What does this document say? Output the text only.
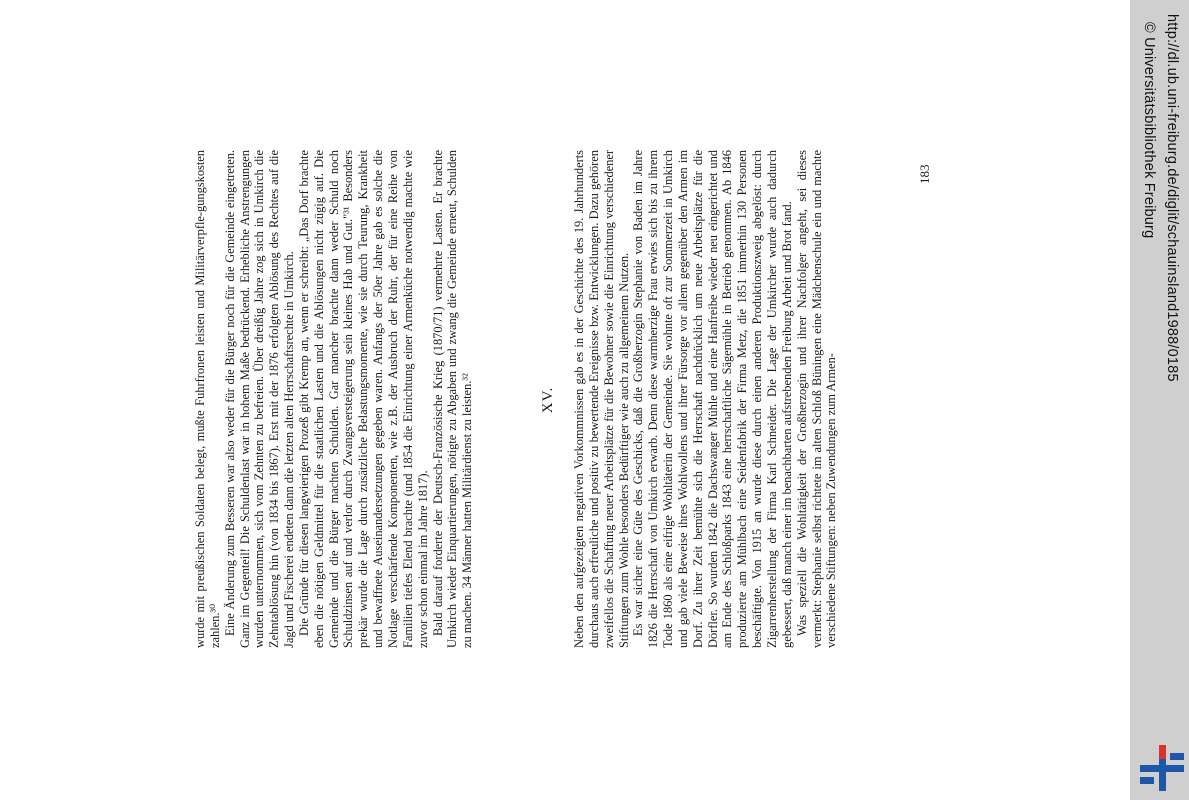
wurde mit preußischen Soldaten belegt, mußte Fuhrfronen leisten und Militärverpfle-gungskosten zahlen.³⁰ Eine Änderung zum Besseren war also weder für die Bürger noch für die Gemeinde eingetreten. Ganz im Gegenteil! Die Schuldenlast war in hohem Maße bedrückend. Erhebliche Anstrengungen wurden unternommen, sich vom Zehnten zu befreien. Über dreißig Jahre zog sich in Umkirch die Zehntablösung hin (von 1834 bis 1867). Erst mit der 1876 erfolgten Ablösung des Rechtes auf die Jagd und Fischerei endeten dann die letzten alten Herrschaftsrechte in Umkirch. Die Gründe für diesen langwierigen Prozeß gibt Kremp an, wenn er schreibt: „Das Dorf brachte eben die nötigen Geldmittel für die staatlichen Lasten und die Ablösungen nicht zügig auf. Die Gemeinde und die Bürger machten Schulden. Gar mancher brachte dann weder Schuld noch Schuldzinsen auf und verlor durch Zwangsversteigerung sein kleines Hab und Gut."³¹ Besonders prekär wurde die Lage durch zusätzliche Belastungsmomente, wie sie durch Teurung, Krankheit und bewaffnete Auseinandersetzungen gegeben waren. Anfangs der 50er Jahre gab es solche die Notlage verschärfende Komponenten, wie z.B. der Ausbruch der Ruhr, der für eine Reihe von Familien tiefes Elend brachte (und 1854 die Einrichtung einer Armenküche notwendig machte wie zuvor schon einmal im Jahre 1817). Bald darauf forderte der Deutsch-Französische Krieg (1870/71) vermehrte Lasten. Er brachte Umkirch wieder Einquartierungen, nötigte zu Abgaben und zwang die Gemeinde erneut, Schulden zu machen. 34 Männer hatten Militärdienst zu leisten.³²	Neben den aufgezeigten negativen Vorkommnissen gab es in der Geschichte des 19. Jahrhunderts durchaus auch erfreuliche und positiv zu bewertende Ereignisse bzw. Entwicklungen. Dazu gehören zweifellos die Schaffung neuer Arbeitsplätze für die Bewohner sowie die Einrichtung verschiedener Stiftungen zum Wohle besonders Bedürftiger wie auch zu allgemeinem Nutzen. Es war sicher eine Güte des Geschicks, daß die Großherzogin Stephanie von Baden im Jahre 1826 die Herrschaft von Umkirch erwarb. Denn diese warmherzige Frau erwies sich bis zu ihrem Tode 1860 als eine eifrige Wohltäterin der Gemeinde. Sie wohnte oft zur Sommerzeit in Umkirch und gab viele Beweise ihres Wohlwollens und ihrer Fürsorge vor allem gegenüber den Armen im Dorf. Zu ihrer Zeit bemühte sich die Herrschaft nachdrücklich um neue Arbeitsplätze für die Dörfler. So wurden 1842 die Dachswanger Mühle und eine Hanfreibe wieder neu eingerichtet und am Ende des Schloßparks 1843 eine herrschaftliche Sägemühle in Betrieb genommen. Ab 1846 produzierte am Mühlbach eine Seidenfabrik der Firma Metz, die 1851 immerhin 130 Personen beschäftigte. Von 1915 an wurde diese durch einen anderen Produktionszweig abgelöst: durch Zigarrenherstellung der Firma Karl Schneider. Die Lage der Umkircher wurde auch dadurch gebessert, daß manch einer im benachbarten aufstrebenden Freiburg Arbeit und Brot fand. Was speziell die Wohltätigkeit der Großherzogin und ihrer Nachfolger angeht, sei dieses vermerkt: Stephanie selbst richtete im alten Schloß Büningen eine Mädchenschule ein und machte verschiedene Stiftungen: neben Zuwendungen zum Armen-

XV.
183	http://dl.ub.uni-freiburg.de/diglit/schauinsland1988/0185
© Universitätsbibliothek Freiburg
